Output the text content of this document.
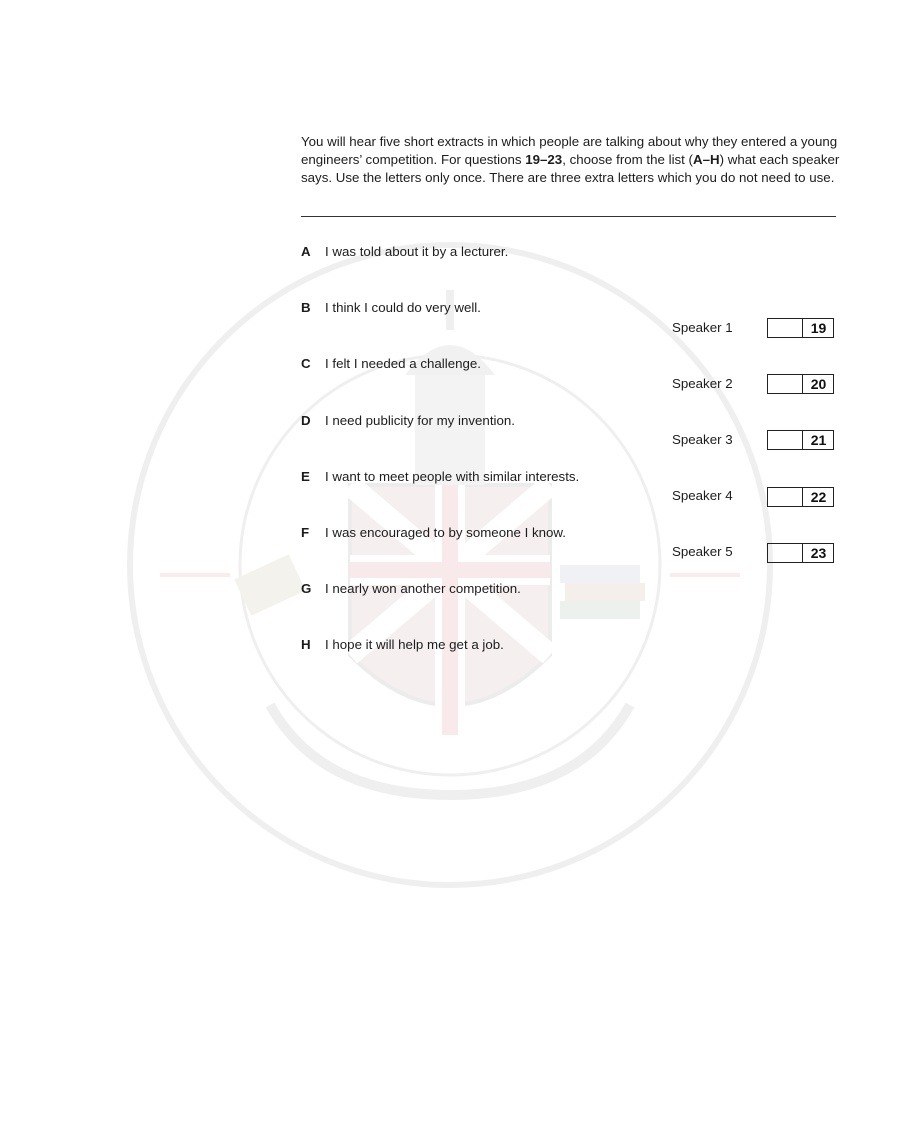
You will hear five short extracts in which people are talking about why they entered a young engineers’ competition. For questions 19–23, choose from the list (A–H) what each speaker says. Use the letters only once. There are three extra letters which you do not need to use.
A I was told about it by a lecturer.
B I think I could do very well.
C I felt I needed a challenge.
D I need publicity for my invention.
E I want to meet people with similar interests.
F I was encouraged to by someone I know.
G I nearly won another competition.
H I hope it will help me get a job.
Speaker 1	19
Speaker 2	20
Speaker 3	21
Speaker 4	22
Speaker 5	23
